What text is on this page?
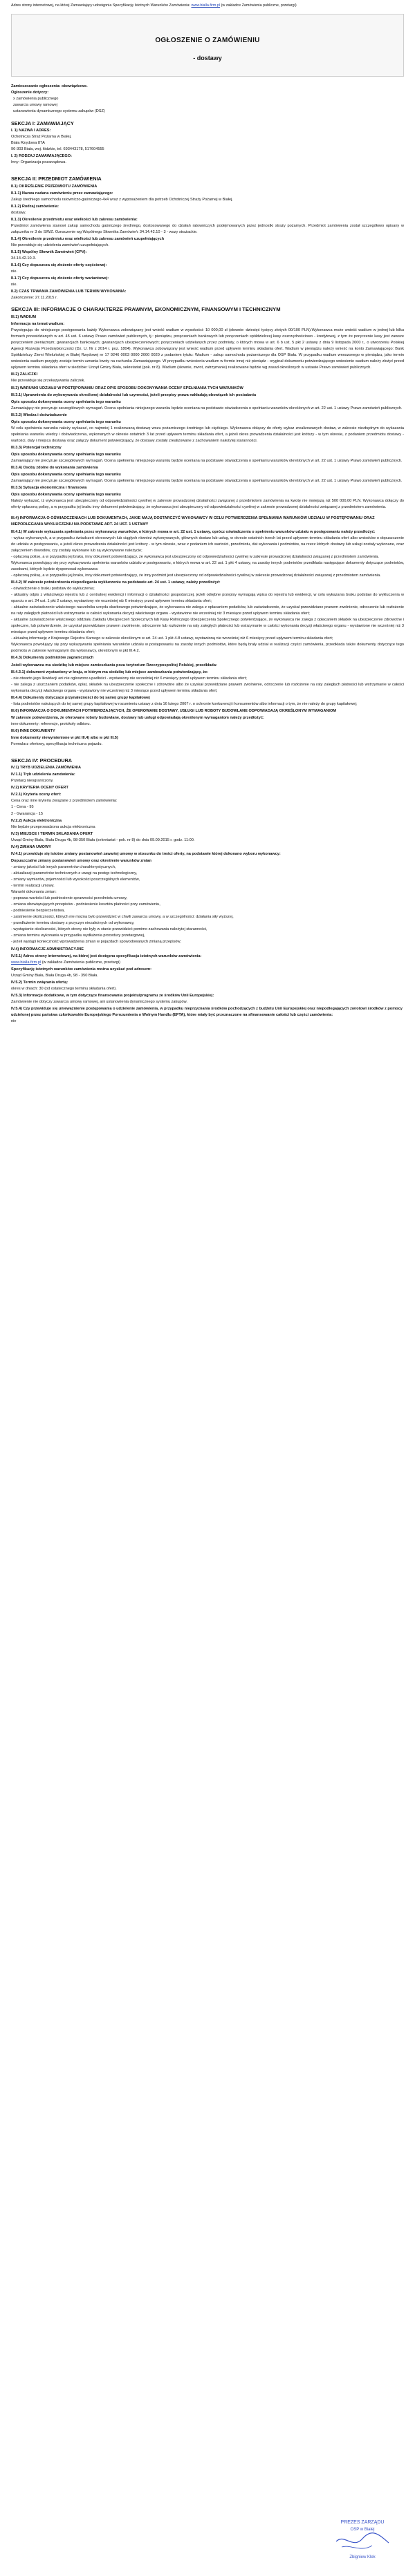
Adres strony internetowej, na której Zamawiający udostępnia Specyfikację Istotnych Warunków Zamówienia: www.bialla.firm.pl (w zakładce Zamówienia publiczne, przetargi)
OGŁOSZENIE O ZAMÓWIENIU
- dostawy
Zamieszczanie ogłoszenia: obowiązkowe.
Ogłoszenie dotyczy:
x zamówienia publicznego
zawarcia umowy ramowej
ustanowienia dynamicznego systemu zakupów (DSZ)
SEKCJA I: ZAMAWIAJĄCY
I. 1) NAZWA I ADRES:
Ochotnicza Straż Pożarna w Białej,
Biała Rzędowa 87A
96-303 Biała, woj. łódzkie, tel. 693443178, 517604555
I. 2) RODZAJ ZAMAWIAJĄCEGO:
Inny: Organizacja pozarządowa.
SEKCJA II: PRZEDMIOT ZAMÓWIENIA
II.1) OKREŚLENIE PRZEDMIOTU ZAMÓWIENIA
II.1.1) Nazwa nadana zamówieniu przez zamawiającego:
Zakup średniego samochodu ratowniczo-gaśniczego 4x4 wraz z wyposażeniem dla potrzeb Ochotniczej Straży Pożarnej w Białej.
II.1.2) Rodzaj zamówienia:
dostawy.
II.1.3) Określenie przedmiotu oraz wielkości lub zakresu zamówienia:
Przedmiot zamówienia stanowi zakup samochodu gaśniczego średniego, dostosowanego do działań ratowniczych podejmowanych przez jednostki straży pożarnych. Przedmiot zamówienia został szczegółowo opisany w załączniku nr 3 do SIWZ. Oznaczenie wg Wspólnego Słownika Zamówień: 34.14.42.10 - 3 - wozy strażackie.
II.1.4) Określenie przedmiotu oraz wielkości lub zakresu zamówień uzupełniających
Nie przewiduje się udzielenia zamówień uzupełniających.
II.1.5) Wspólny Słownik Zamówień (CPV):
34.14.42.10-3.
II.1.6) Czy dopuszcza się złożenie oferty częściowej:
nie.
II.1.7) Czy dopuszcza się złożenie oferty wariantowej:
nie.
II.2) CZAS TRWANIA ZAMÓWIENIA LUB TERMIN WYKONANIA:
Zakończenie: 27.11.2015 r.
SEKCJA III: INFORMACJE O CHARAKTERZE PRAWNYM, EKONOMICZNYM, FINANSOWYM I TECHNICZNYM
III.1) WADIUM
Informacja na temat wadium:
Przystępując do niniejszego postępowania każdy Wykonawca zobowiązany jest wnieść wadium w wysokości: 10 000,00 zł (słownie: dziesięć tysięcy złotych 00/100 PLN).Wykonawca może wnieść wadium w jednej lub kilku formach przewidzianych w art. 45 ust. 6 ustawy Prawo zamówień publicznych, tj.: pieniądzu, poręczeniach bankowych lub poręczeniach spółdzielczej kasy oszczędnościowo - kredytowej, z tym że poręczenie kasy jest zawsze poręczeniem pieniężnym; gwarancjach bankowych; gwarancjach ubezpieczeniowych; poręczeniach udzielanych przez podmioty, o których mowa w art. 6 b ust. 5 pkt 2 ustawy z dnia 9 listopada 2000 r., o utworzeniu Polskiej Agencji Rozwoju Przedsiębiorczości (Dz. U. Nr z 2014 r. poz. 1804). Wykonawca zobowiązany jest wnieść wadium przed upływem terminu składania ofert. Wadium w pieniądzu należy wnieść na konto Zamawiającego: Bank Spółdzielczy Ziemi Wieluńskiej w Białej Rzędowej nr 17 9246 0003 0000 2000 0020 z podaniem tytułu: Wadium - zakup samochodu pożarniczego dla OSP Biała. W przypadku wadium wnoszonego w pieniądzu, jako termin wniesienia wadium przyjęty zostaje termin uznania kwoty na rachunku Zamawiającego. W przypadku wniesienia wadium w formie innej niż pieniądz - oryginał dokumentu potwierdzającego wniesienie wadium należy złożyć przed upływem terminu składania ofert w siedzibie: Urząd Gminy Biała, sekretariat (pok. nr 8). Wadium (słownie, zwrot, zatrzymanie) realizowane będzie wg zasad określonych w ustawie Prawo zamówień publicznych.
III.2) ZALICZKI
Nie przewiduje się przekazywania zaliczek.
III.3) WARUNKI UDZIAŁU W POSTĘPOWANIU ORAZ OPIS SPOSOBU DOKONYWANIA OCENY SPEŁNIANIA TYCH WARUNKÓW
III.3.1) Uprawnienia do wykonywania określonej działalności lub czynności, jeżeli przepisy prawa nakładają obowiązek ich posiadania
Opis sposobu dokonywania oceny spełniania tego warunku
Zamawiający nie precyzuje szczegółowych wymagań. Ocena spełniania niniejszego warunku będzie oceniana na podstawie oświadczenia o spełnianiu warunków określonych w art. 22 ust. 1 ustawy Prawo zamówień publicznych.
III.3.2) Wiedza i doświadczenie
Opis sposobu dokonywania oceny spełniania tego warunku
W celu spełnienia warunku należy wykazać, co najmniej 1 realizowaną dostawę wozu pożarniczego średniego lub ciężkiego. Wykonawca dołączy do oferty wykaz zrealizowanych dostaw, w zakresie niezbędnym do wykazania spełniania warunku wiedzy i doświadczenia, wykonanych w okresie ostatnich 3 lat przed upływem terminu składania ofert, a jeżeli okres prowadzenia działalności jest krótszy - w tym okresie, z podaniem przedmiotu dostawy - wartości, daty i miejsca dostawy oraz załączy dokument potwierdzający, że dostawy zostały zrealizowane z zachowaniem należytej staranności.
III.3.3) Potencjał techniczny
Opis sposobu dokonywania oceny spełniania tego warunku
Zamawiający nie precyzuje szczegółowych wymagań. Ocena spełnienia niniejszego warunku będzie oceniana na podstawie oświadczenia o spełnianiu warunków określonych w art. 22 ust. 1 ustawy Prawo zamówień publicznych.
III.3.4) Osoby zdolne do wykonania zamówienia
Opis sposobu dokonywania oceny spełniania tego warunku
Zamawiający nie precyzuje szczegółowych wymagań. Ocena spełnienia niniejszego warunku będzie oceniana na podstawie oświadczenia o spełnianiu warunków określonych w art. 22 ust. 1 ustawy Prawo zamówień publicznych.
III.3.5) Sytuacja ekonomiczna i finansowa
Opis sposobu dokonywania oceny spełniania tego warunku
Należy wykazać, iż wykonawca jest ubezpieczony od odpowiedzialności cywilnej w zakresie prowadzonej działalności związanej z przedmiotem zamówienia na kwotę nie mniejszą niż 500 000,00 PLN. Wykonawca dołączy do oferty opłaconą polisę, a w przypadku jej braku inny dokument potwierdzający, że wykonawca jest ubezpieczony od odpowiedzialności cywilnej w zakresie prowadzonej działalności związanej z przedmiotem zamówienia.
III.4) INFORMACJA O OŚWIADCZENIACH LUB DOKUMENTACH, JAKIE MAJĄ DOSTARCZYĆ WYKONAWCY W CELU POTWIERDZENIA SPEŁNIANIA WARUNKÓW UDZIAŁU W POSTĘPOWANIU ORAZ NIEPODLEGANIA WYKLUCZENIU NA PODSTAWIE ART. 24 UST. 1 USTAWY
III.4.1) W zakresie wykazania spełniania przez wykonawcę warunków, o których mowa w art. 22 ust. 1 ustawy, oprócz oświadczenia o spełnieniu warunków udziału w postępowaniu należy przedłożyć:
- wykaz wykonanych, a w przypadku świadczeń okresowych lub ciągłych również wykonywanych, głównych dostaw lub usług, w okresie ostatnich trzech lat przed upływem terminu składania ofert albo wniosków o dopuszczenie do udziału w postępowaniu, a jeżeli okres prowadzenia działalności jest krótszy - w tym okresie, wraz z podaniem ich wartości, przedmiotu, dat wykonania i podmiotów, na rzecz których dostawy lub usługi zostały wykonane, oraz załączeniem dowodów, czy zostały wykonane lub są wykonywane należycie;
- opłaconą polisę, a w przypadku jej braku, inny dokument potwierdzający, że wykonawca jest ubezpieczony od odpowiedzialności cywilnej w zakresie prowadzonej działalności związanej z przedmiotem zamówienia.
Wykonawca powołujący się przy wykazywaniu spełnienia warunków udziału w postępowaniu, o których mowa w art. 22 ust. 1 pkt 4 ustawy, na zasoby innych podmiotów przedkłada następujące dokumenty dotyczące podmiotów, zasobami, których będzie dysponował wykonawca:
- opłaconą polisę, a w przypadku jej braku, inny dokument potwierdzający, że inny podmiot jest ubezpieczony od odpowiedzialności cywilnej w zakresie prowadzonej działalności związanej z przedmiotem zamówienia.
III.4.2) W zakresie potwierdzenia niepodlegania wykluczeniu na podstawie art. 24 ust. 1 ustawy, należy przedłożyć:
- oświadczenie o braku podstaw do wykluczenia;
- aktualny odpis z właściwego rejestru lub z centralnej ewidencji i informacji o działalności gospodarczej, jeżeli odrębne przepisy wymagają wpisu do rejestru lub ewidencji, w celu wykazania braku podstaw do wykluczenia w oparciu o art. 24 ust. 1 pkt 2 ustawy, wystawiony nie wcześniej niż 6 miesięcy przed upływem terminu składania ofert;
- aktualne zaświadczenie właściwego naczelnika urzędu skarbowego potwierdzające, że wykonawca nie zalega z opłacaniem podatków, lub zaświadczenie, że uzyskał przewidziane prawem zwolnienie, odroczenie lub rozłożenie na raty zaległych płatności lub wstrzymanie w całości wykonania decyzji właściwego organu - wystawione nie wcześniej niż 3 miesiące przed upływem terminu składania ofert;
- aktualne zaświadczenie właściwego oddziału Zakładu Ubezpieczeń Społecznych lub Kasy Rolniczego Ubezpieczenia Społecznego potwierdzające, że wykonawca nie zalega z opłacaniem składek na ubezpieczenie zdrowotne i społeczne, lub potwierdzenie, że uzyskał przewidziane prawem zwolnienie, odroczenie lub rozłożenie na raty zaległych płatności lub wstrzymanie w całości wykonania decyzji właściwego organu - wystawione nie wcześniej niż 3 miesiące przed upływem terminu składania ofert;
- aktualną informację z Krajowego Rejestru Karnego w zakresie określonym w art. 24 ust. 1 pkt 4-8 ustawy, wystawioną nie wcześniej niż 6 miesięcy przed upływem terminu składania ofert;
Wykonawca powołujący się przy wykazywaniu spełniania warunków udziału w postępowaniu na zasoby innych podmiotów, które będą brały udział w realizacji części zamówienia, przedkłada także dokumenty dotyczące tego podmiotu w zakresie wymaganym dla wykonawcy, określonym w pkt III.4.2.
III.4.3) Dokumenty podmiotów zagranicznych
Jeżeli wykonawca ma siedzibę lub miejsce zamieszkania poza terytorium Rzeczypospolitej Polskiej, przedkłada:
III.4.3.1) dokument wystawiony w kraju, w którym ma siedzibę lub miejsce zamieszkania potwierdzający, że:
- nie otwarto jego likwidacji ani nie ogłoszono upadłości - wystawiony nie wcześniej niż 6 miesięcy przed upływem terminu składania ofert;
- nie zalega z uiszczaniem podatków, opłat, składek na ubezpieczenie społeczne i zdrowotne albo że uzyskał przewidziane prawem zwolnienie, odroczenie lub rozłożenie na raty zaległych płatności lub wstrzymanie w całości wykonania decyzji właściwego organu - wystawiony nie wcześniej niż 3 miesiące przed upływem terminu składania ofert;
III.4.4) Dokumenty dotyczące przynależności do tej samej grupy kapitałowej
- lista podmiotów należących do tej samej grupy kapitałowej w rozumieniu ustawy z dnia 16 lutego 2007 r. o ochronie konkurencji i konsumentów albo informacji o tym, że nie należy do grupy kapitałowej;
III.6) INFORMACJA O DOKUMENTACH POTWIERDZAJĄCYCH, ŻE OFEROWANE DOSTAWY, USŁUGI LUB ROBOTY BUDOWLANE ODPOWIADAJĄ OKREŚLONYM WYMAGANIOM
W zakresie potwierdzenia, że oferowane roboty budowlane, dostawy lub usługi odpowiadają określonym wymaganiom należy przedłożyć:
inne dokumenty: referencje, protokoły odbioru.
III.6) INNE DOKUMENTY
Inne dokumenty niewymienione w pkt III.4) albo w pkt III.5)
Formularz ofertowy, specyfikacja techniczna pojazdu.
SEKCJA IV: PROCEDURA
IV.1) TRYB UDZIELENIA ZAMÓWIENIA
IV.1.1) Tryb udzielenia zamówienia:
Przetarg nieograniczony.
IV.2) KRYTERIA OCENY OFERT
IV.2.1) Kryteria oceny ofert:
Cena oraz inne kryteria związane z przedmiotem zamówienia:
1 - Cena - 95
2 - Gwarancja - 15
IV.2.2) Aukcja elektroniczna
Nie będzie przeprowadzona aukcja elektroniczna
IV.3) MIEJSCE I TERMIN SKŁADANIA OFERT
Urząd Gminy Biała, Biała Druga 4b, 98-350 Biała (sekretariat - pok. nr 8) do dnia 09.09.2015 r. godz. 11:00.
IV.4) ZMIANA UMOWY
IV.4.1) przewiduje się istotne zmiany postanowień zawartej umowy w stosunku do treści oferty, na podstawie której dokonano wyboru wykonawcy:
Dopuszczalne zmiany postanowień umowy oraz określenie warunków zmian
- zmiany jakości lub innych parametrów charakterystycznych,
- aktualizacji parametrów technicznych z uwagi na postęp technologiczny,
- zmiany wymiarów, pojemności lub wysokości poszczególnych elementów,
- termin realizacji umowy.
Warunki dokonania zmian:
- poprawa wartości lub podniesienie sprawności przedmiotu umowy,
- zmiana obowiązujących przepisów - podniesienie kosztów płatności przy zamówieniu,
- podniesienie bezpieczeństwa,
- zaistnienie okoliczności, których nie można było przewidzieć w chwili zawarcia umowy, a w szczególności: działania siły wyższej,
- przedłużenie terminu dostawy z przyczyn niezależnych od wykonawcy,
- wystąpienie okoliczności, których strony nie były w stanie przewidzieć pomimo zachowania należytej staranności,
- zmiana terminu wykonania w przypadku wydłużenia procedury przetargowej,
- jeżeli wystąpi konieczność wprowadzenia zmian w pojazdach spowodowanych zmianą przepisów;
IV.4) INFORMACJE ADMINISTRACYJNE
IV.5.1) Adres strony internetowej, na której jest dostępna specyfikacja istotnych warunków zamówienia:
www.bialla.firm.pl (w zakładce Zamówienia publiczne, przetargi)
Specyfikację istotnych warunków zamówienia można uzyskać pod adresem:
Urząd Gminy Biała, Biała Druga 4b, 98 - 350 Biała.
IV.5.2) Termin związania ofertą:
okres w dniach: 30 (od ostatecznego terminu składania ofert).
IV.5.3) Informacje dodatkowe, w tym dotyczące finansowania projektu/programu ze środków Unii Europejskiej:
Zamówienie nie dotyczy zawarcia umowy ramowej, ani ustanowienia dynamicznego systemu zakupów.
IV.5.4) Czy przewiduje się unieważnienie postępowania o udzielenie zamówienia, w przypadku nieprzyznania środków pochodzących z budżetu Unii Europejskiej oraz niepodlegających zwrotowi środków z pomocy udzielonej przez państwa członkowskie Europejskiego Porozumienia o Wolnym Handlu (EFTA), które miały być przeznaczone na sfinansowanie całości lub części zamówienia:
nie
PREZES ZARZĄDU
OSP w Białej
Zbigniew Klek
